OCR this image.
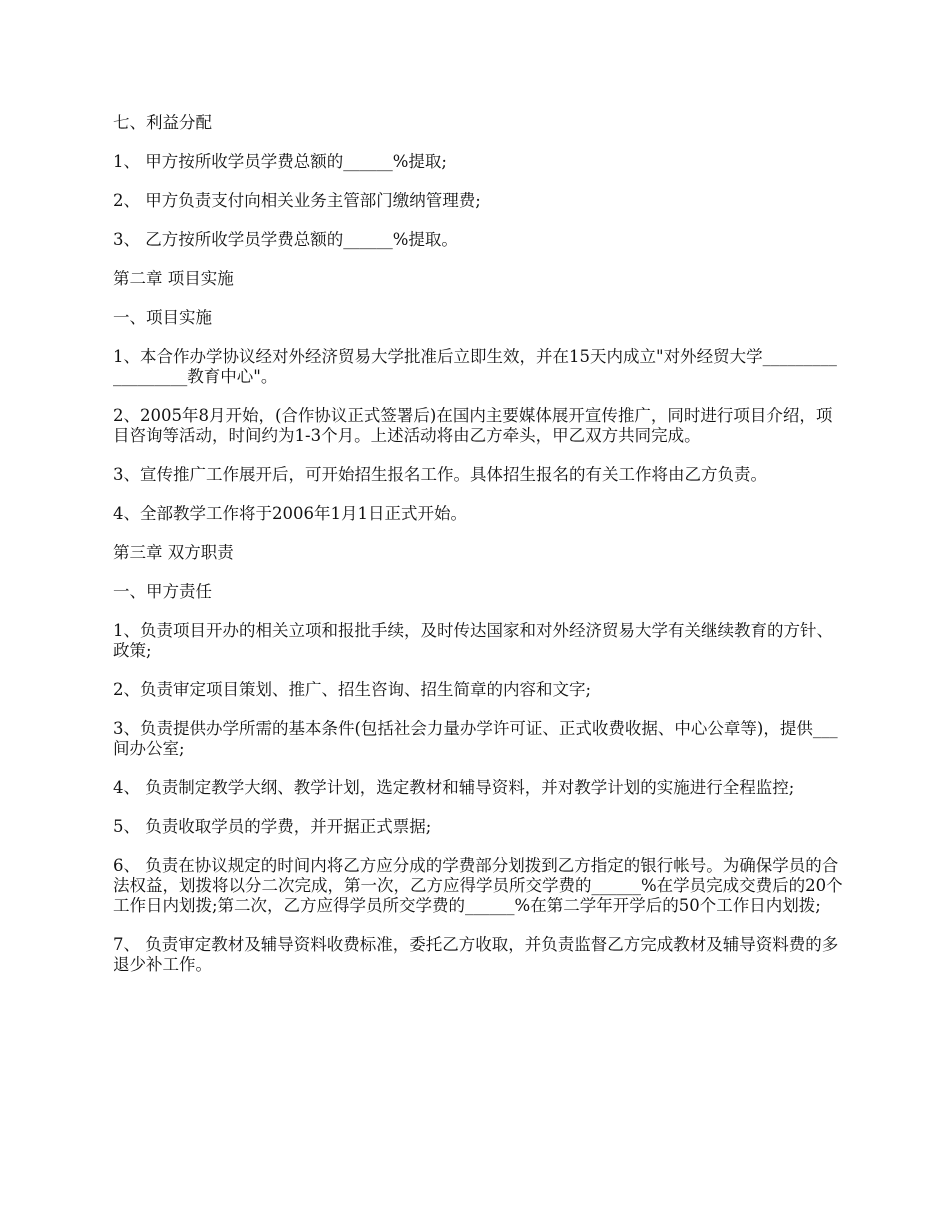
七、利益分配

1、 甲方按所收学员学费总额的______%提取;

2、 甲方负责支付向相关业务主管部门缴纳管理费;

3、 乙方按所收学员学费总额的______%提取。

第二章 项目实施

一、项目实施

1、本合作办学协议经对外经济贸易大学批准后立即生效，并在15天内成立"对外经贸大学__________________教育中心"。

2、2005年8月开始，(合作协议正式签署后)在国内主要媒体展开宣传推广，同时进行项目介绍，项目咨询等活动，时间约为1-3个月。上述活动将由乙方牵头，甲乙双方共同完成。

3、宣传推广工作展开后，可开始招生报名工作。具体招生报名的有关工作将由乙方负责。

4、全部教学工作将于2006年1月1日正式开始。

第三章 双方职责

一、甲方责任

1、负责项目开办的相关立项和报批手续，及时传达国家和对外经济贸易大学有关继续教育的方针、政策;

2、负责审定项目策划、推广、招生咨询、招生简章的内容和文字;

3、负责提供办学所需的基本条件(包括社会力量办学许可证、正式收费收据、中心公章等)，提供___间办公室;

4、 负责制定教学大纲、教学计划，选定教材和辅导资料，并对教学计划的实施进行全程监控;

5、 负责收取学员的学费，并开据正式票据;

6、 负责在协议规定的时间内将乙方应分成的学费部分划拨到乙方指定的银行帐号。为确保学员的合法权益，划拨将以分二次完成，第一次，乙方应得学员所交学费的______%在学员完成交费后的20个工作日内划拨;第二次，乙方应得学员所交学费的______%在第二学年开学后的50个工作日内划拨;

7、 负责审定教材及辅导资料收费标准，委托乙方收取，并负责监督乙方完成教材及辅导资料费的多退少补工作。
